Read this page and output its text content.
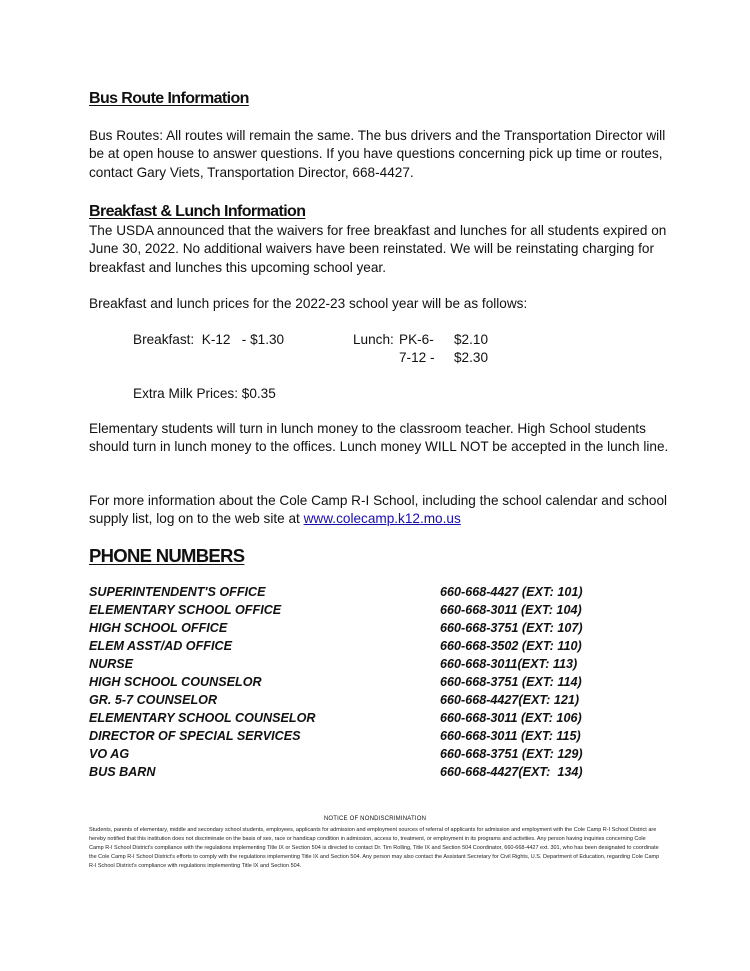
Bus Route Information
Bus Routes: All routes will remain the same. The bus drivers and the Transportation Director will be at open house to answer questions. If you have questions concerning pick up time or routes, contact Gary Viets, Transportation Director, 668-4427.
Breakfast & Lunch Information
The USDA announced that the waivers for free breakfast and lunches for all students expired on June 30, 2022. No additional waivers have been reinstated. We will be reinstating charging for breakfast and lunches this upcoming school year.
Breakfast and lunch prices for the 2022-23 school year will be as follows:
Breakfast:  K-12   - $1.30	Lunch: PK-6- $2.10
7-12 - $2.30
Extra Milk Prices: $0.35
Elementary students will turn in lunch money to the classroom teacher. High School students should turn in lunch money to the offices. Lunch money WILL NOT be accepted in the lunch line.
For more information about the Cole Camp R-I School, including the school calendar and school supply list, log on to the web site at www.colecamp.k12.mo.us
PHONE NUMBERS
SUPERINTENDENT'S OFFICE	660-668-4427 (EXT: 101)
ELEMENTARY SCHOOL OFFICE	660-668-3011 (EXT: 104)
HIGH SCHOOL OFFICE	660-668-3751 (EXT: 107)
ELEM ASST/AD OFFICE	660-668-3502 (EXT: 110)
NURSE	660-668-3011(EXT: 113)
HIGH SCHOOL COUNSELOR	660-668-3751 (EXT: 114)
GR. 5-7 COUNSELOR	660-668-4427(EXT: 121)
ELEMENTARY SCHOOL COUNSELOR	660-668-3011 (EXT: 106)
DIRECTOR OF SPECIAL SERVICES	660-668-3011 (EXT: 115)
VO AG	660-668-3751 (EXT: 129)
BUS BARN	660-668-4427(EXT:  134)
NOTICE OF NONDISCRIMINATION
Students, parents of elementary, middle and secondary school students, employees, applicants for admission and employment sources of referral of applicants for admission and employment with the Cole Camp R-I School District are hereby notified that this institution does not discriminate on the basis of sex, race or handicap condition in admission, access to, treatment, or employment in its programs and activities. Any person having inquiries concerning Cole Camp R-I School District's compliance with the regulations implementing Title IX or Section 504 is directed to contact Dr. Tim Rolling, Title IX and Section 504 Coordinator, 660-668-4427 ext. 301, who has been designated to coordinate the Cole Camp R-I School District's efforts to comply with the regulations implementing Title IX and Section 504. Any person may also contact the Assistant Secretary for Civil Rights, U.S. Department of Education, regarding Cole Camp R-I School District's compliance with regulations implementing Title IX and Section 504.
